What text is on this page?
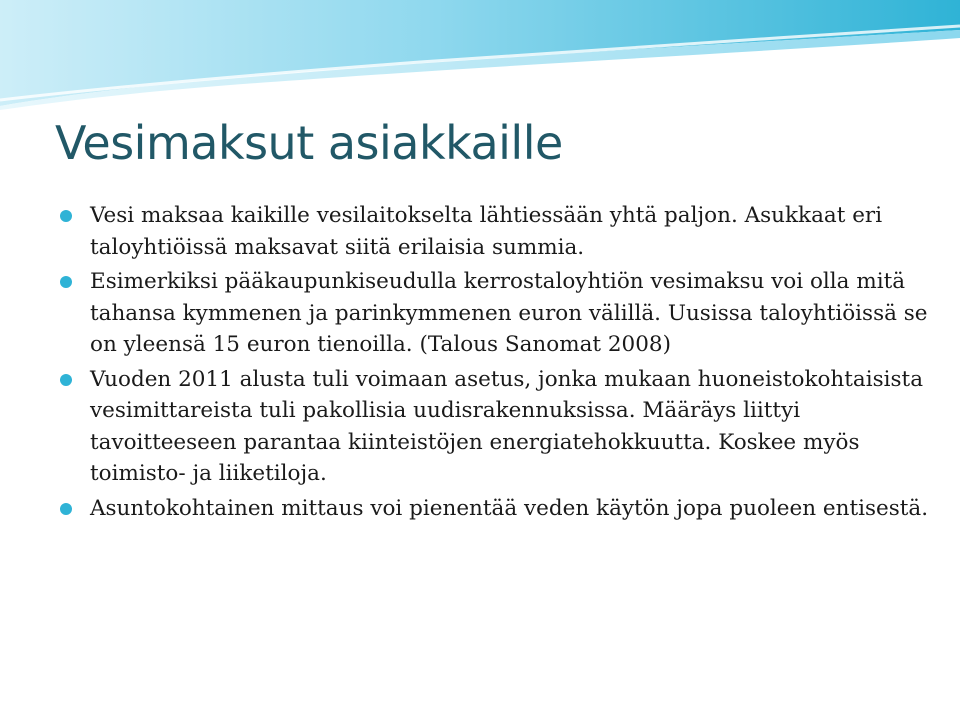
Vesimaksut asiakkaille
Vesi maksaa kaikille vesilaitokselta lähtiessään yhtä paljon. Asukkaat eri taloyhtiöissä maksavat siitä erilaisia summia.
Esimerkiksi pääkaupunkiseudulla kerrostaloyhtiön vesimaksu voi olla mitä tahansa kymmenen ja parinkymmenen euron välillä. Uusissa taloyhtiöissä se on yleensä 15 euron tienoilla. (Talous Sanomat 2008)
Vuoden 2011 alusta tuli voimaan asetus, jonka mukaan huoneistokohtaisista vesimittareista tuli pakollisia uudisrakennuksissa. Määräys liittyi tavoitteeseen parantaa kiinteistöjen energiatehokkuutta. Koskee myös toimisto- ja liiketiloja.
Asuntokohtainen mittaus voi pienentää veden käytön jopa puoleen entisestä.
